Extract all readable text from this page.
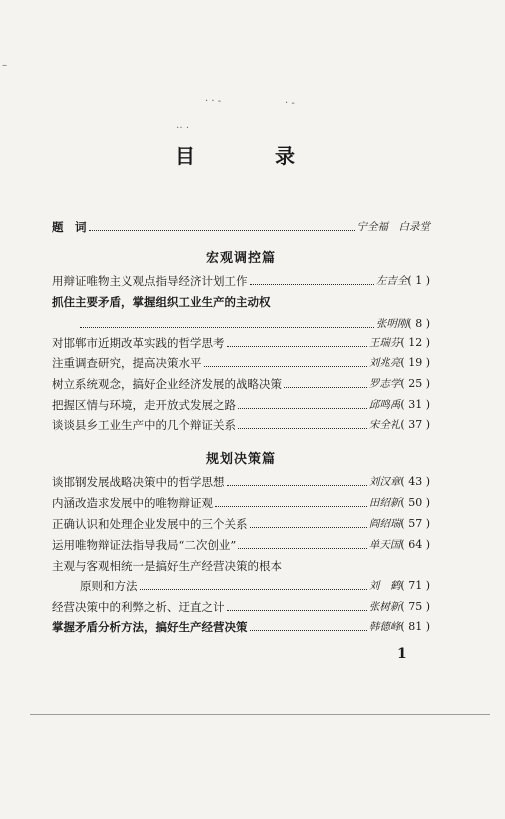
–
· · -	· -
‥ .
目　录
题　词	宁全福　白录堂
宏观调控篇
用辩证唯物主义观点指导经济计划工作	左吉全 ( 1 )
抓住主要矛盾，掌握组织工业生产的主动权
张明刚 ( 8 )
对邯郸市近期改革实践的哲学思考	王瑞芬 ( 12 )
注重调查研究，提高决策水平	刘兆亮 ( 19 )
树立系统观念，搞好企业经济发展的战略决策	罗志学 ( 25 )
把握区情与环境，走开放式发展之路	邱鸣禹 ( 31 )
谈谈县乡工业生产中的几个辩证关系	宋全礼 ( 37 )
规划决策篇
谈邯钢发展战略决策中的哲学思想	刘汉章 ( 43 )
内涵改造求发展中的唯物辩证观	田绍新 ( 50 )
正确认识和处理企业发展中的三个关系	阎绍瑞 ( 57 )
运用唯物辩证法指导我局“二次创业”	单天国 ( 64 )
主观与客观相统一是搞好生产经营决策的根本
原则和方法	刘　鹤 ( 71 )
经营决策中的利弊之析、迂直之计	张树新 ( 75 )
掌握矛盾分析方法，搞好生产经营决策	韩德峰 ( 81 )
1
